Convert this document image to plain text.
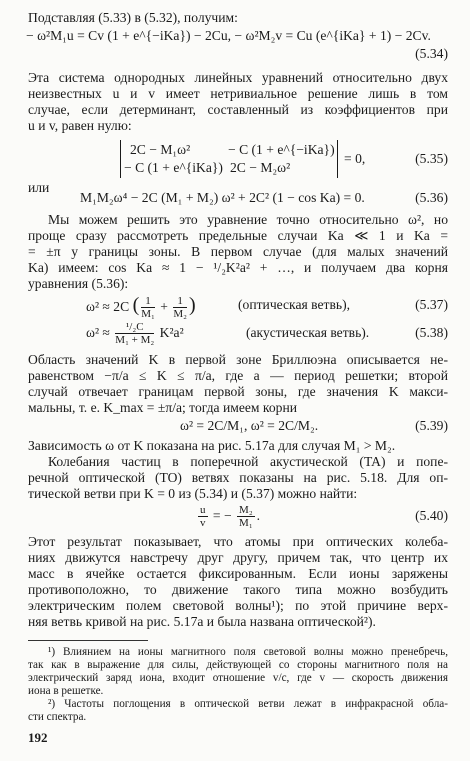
Подставляя (5.33) в (5.32), получим:
− ω²M₁u = Cv (1 + e^{−iKa}) − 2Cu, − ω²M₂v = Cu (e^{iKa} + 1) − 2Cv.
(5.34)
Эта система однородных линейных уравнений относительно двух
неизвестных u и v имеет нетривиальное решение лишь в том
случае, если детерминант, составленный из коэффициентов при
u и v, равен нулю:
2C − M₁ω²	− C (1 + e^{−iKa})
− C (1 + e^{iKa}) 2C − M₂ω²
= 0,	(5.35)
или
M₁M₂ω⁴ − 2C (M₁ + M₂) ω² + 2C² (1 − cos Ka) = 0.	(5.36)
Мы можем решить это уравнение точно относительно ω², но
проще сразу рассмотреть предельные случаи Ka ≪ 1 и Ka =
= ±π у границы зоны. В первом случае (для малых значений
Ka) имеем: cos Ka ≈ 1 − ¹/₂K²a² + …, и получаем два корня
уравнения (5.36):
ω² ≈ 2C ( $\frac{1}{\text{M₁}} + \frac{1}{\text{M₂}}$ )	(оптическая ветвь),	(5.37)
$\omega^2 \approx \frac{\text{¹/₂C}}{\text{M₁ + M₂}} K^2a^2$	(акустическая ветвь).	(5.38)
Область значений K в первой зоне Бриллюэна описывается не-
равенством −π/a ≤ K ≤ π/a, где a — период решетки; второй
случай отвечает границам первой зоны, где значения K макси-
мальны, т. е. K_max = ±π/a; тогда имеем корни
ω² = 2C/M₁, ω² = 2C/M₂.	(5.39)
Зависимость ω от K показана на рис. 5.17а для случая M₁ > M₂.
Колебания частиц в поперечной акустической (TA) и попе-
речной оптической (TO) ветвях показаны на рис. 5.18. Для оп-
тической ветви при K = 0 из (5.34) и (5.37) можно найти:
$\frac{u}{v}$ = − $\frac{\text{M₂}}{\text{M₁}}$ .	(5.40)
Этот результат показывает, что атомы при оптических колеба-
ниях движутся навстречу друг другу, причем так, что центр их
масс в ячейке остается фиксированным. Если ионы заряжены
противоположно, то движение такого типа можно возбудить
электрическим полем световой волны¹); по этой причине верх-
няя ветвь кривой на рис. 5.17а и была названа оптической²).
¹) Влиянием на ионы магнитного поля световой волны можно пренебречь,
так как в выражение для силы, действующей со стороны магнитного поля на
электрический заряд иона, входит отношение v/c, где v — скорость движения
иона в решетке.
²) Частоты поглощения в оптической ветви лежат в инфракрасной обла-
сти спектра.
192
